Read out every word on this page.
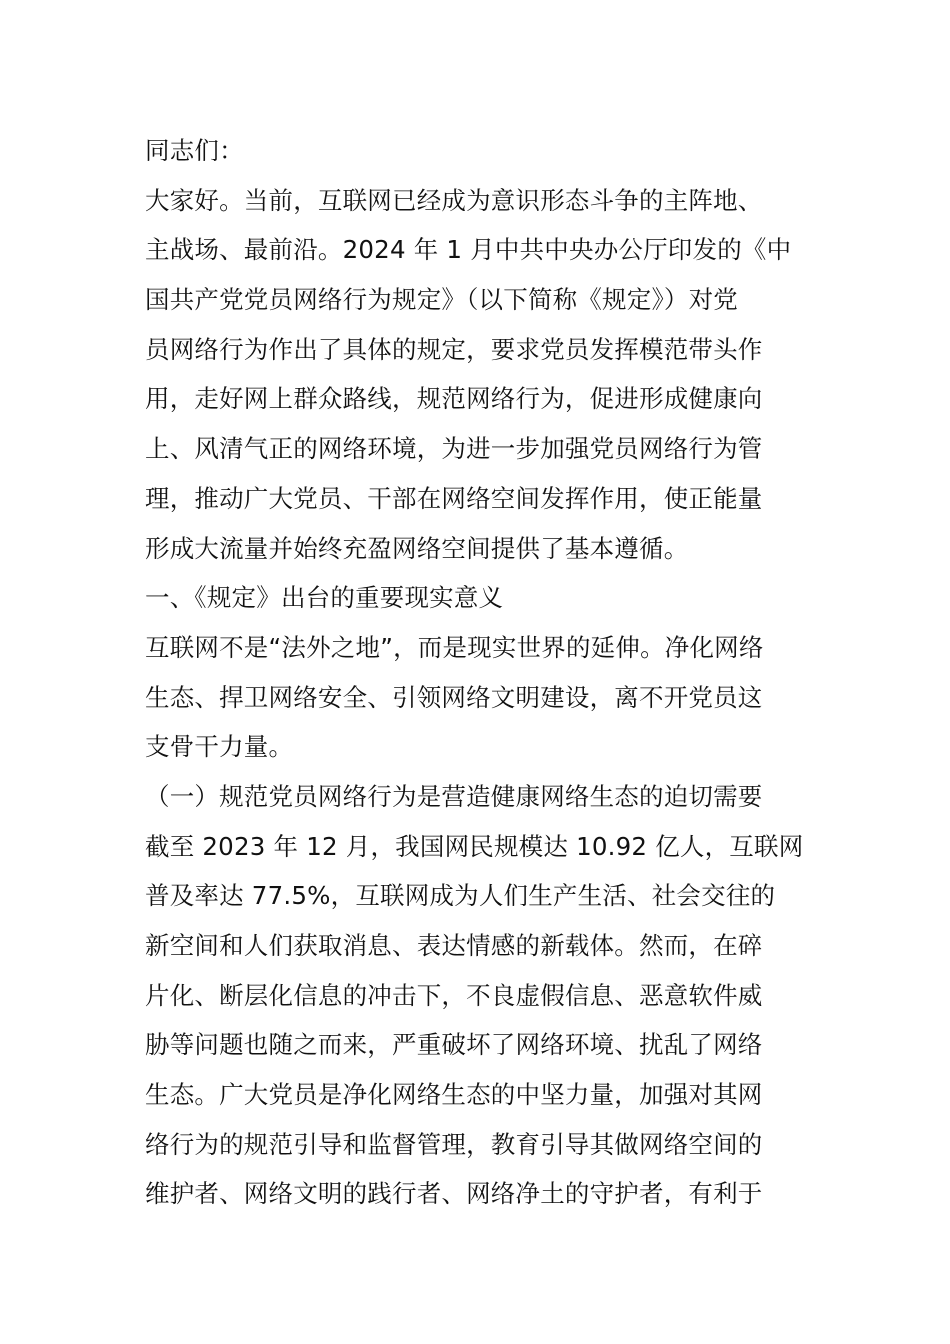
同志们：
大家好。当前，互联网已经成为意识形态斗争的主阵地、
主战场、最前沿。2024 年 1 月中共中央办公厅印发的《中
国共产党党员网络行为规定》（以下简称《规定》）对党
员网络行为作出了具体的规定，要求党员发挥模范带头作
用，走好网上群众路线，规范网络行为，促进形成健康向
上、风清气正的网络环境，为进一步加强党员网络行为管
理，推动广大党员、干部在网络空间发挥作用，使正能量
形成大流量并始终充盈网络空间提供了基本遵循。
一、《规定》出台的重要现实意义
互联网不是“法外之地”，而是现实世界的延伸。净化网络
生态、捍卫网络安全、引领网络文明建设，离不开党员这
支骨干力量。
（一）规范党员网络行为是营造健康网络生态的迫切需要
截至 2023 年 12 月，我国网民规模达 10.92 亿人，互联网
普及率达 77.5%，互联网成为人们生产生活、社会交往的
新空间和人们获取消息、表达情感的新载体。然而，在碎
片化、断层化信息的冲击下，不良虚假信息、恶意软件威
胁等问题也随之而来，严重破坏了网络环境、扰乱了网络
生态。广大党员是净化网络生态的中坚力量，加强对其网
络行为的规范引导和监督管理，教育引导其做网络空间的
维护者、网络文明的践行者、网络净土的守护者，有利于
